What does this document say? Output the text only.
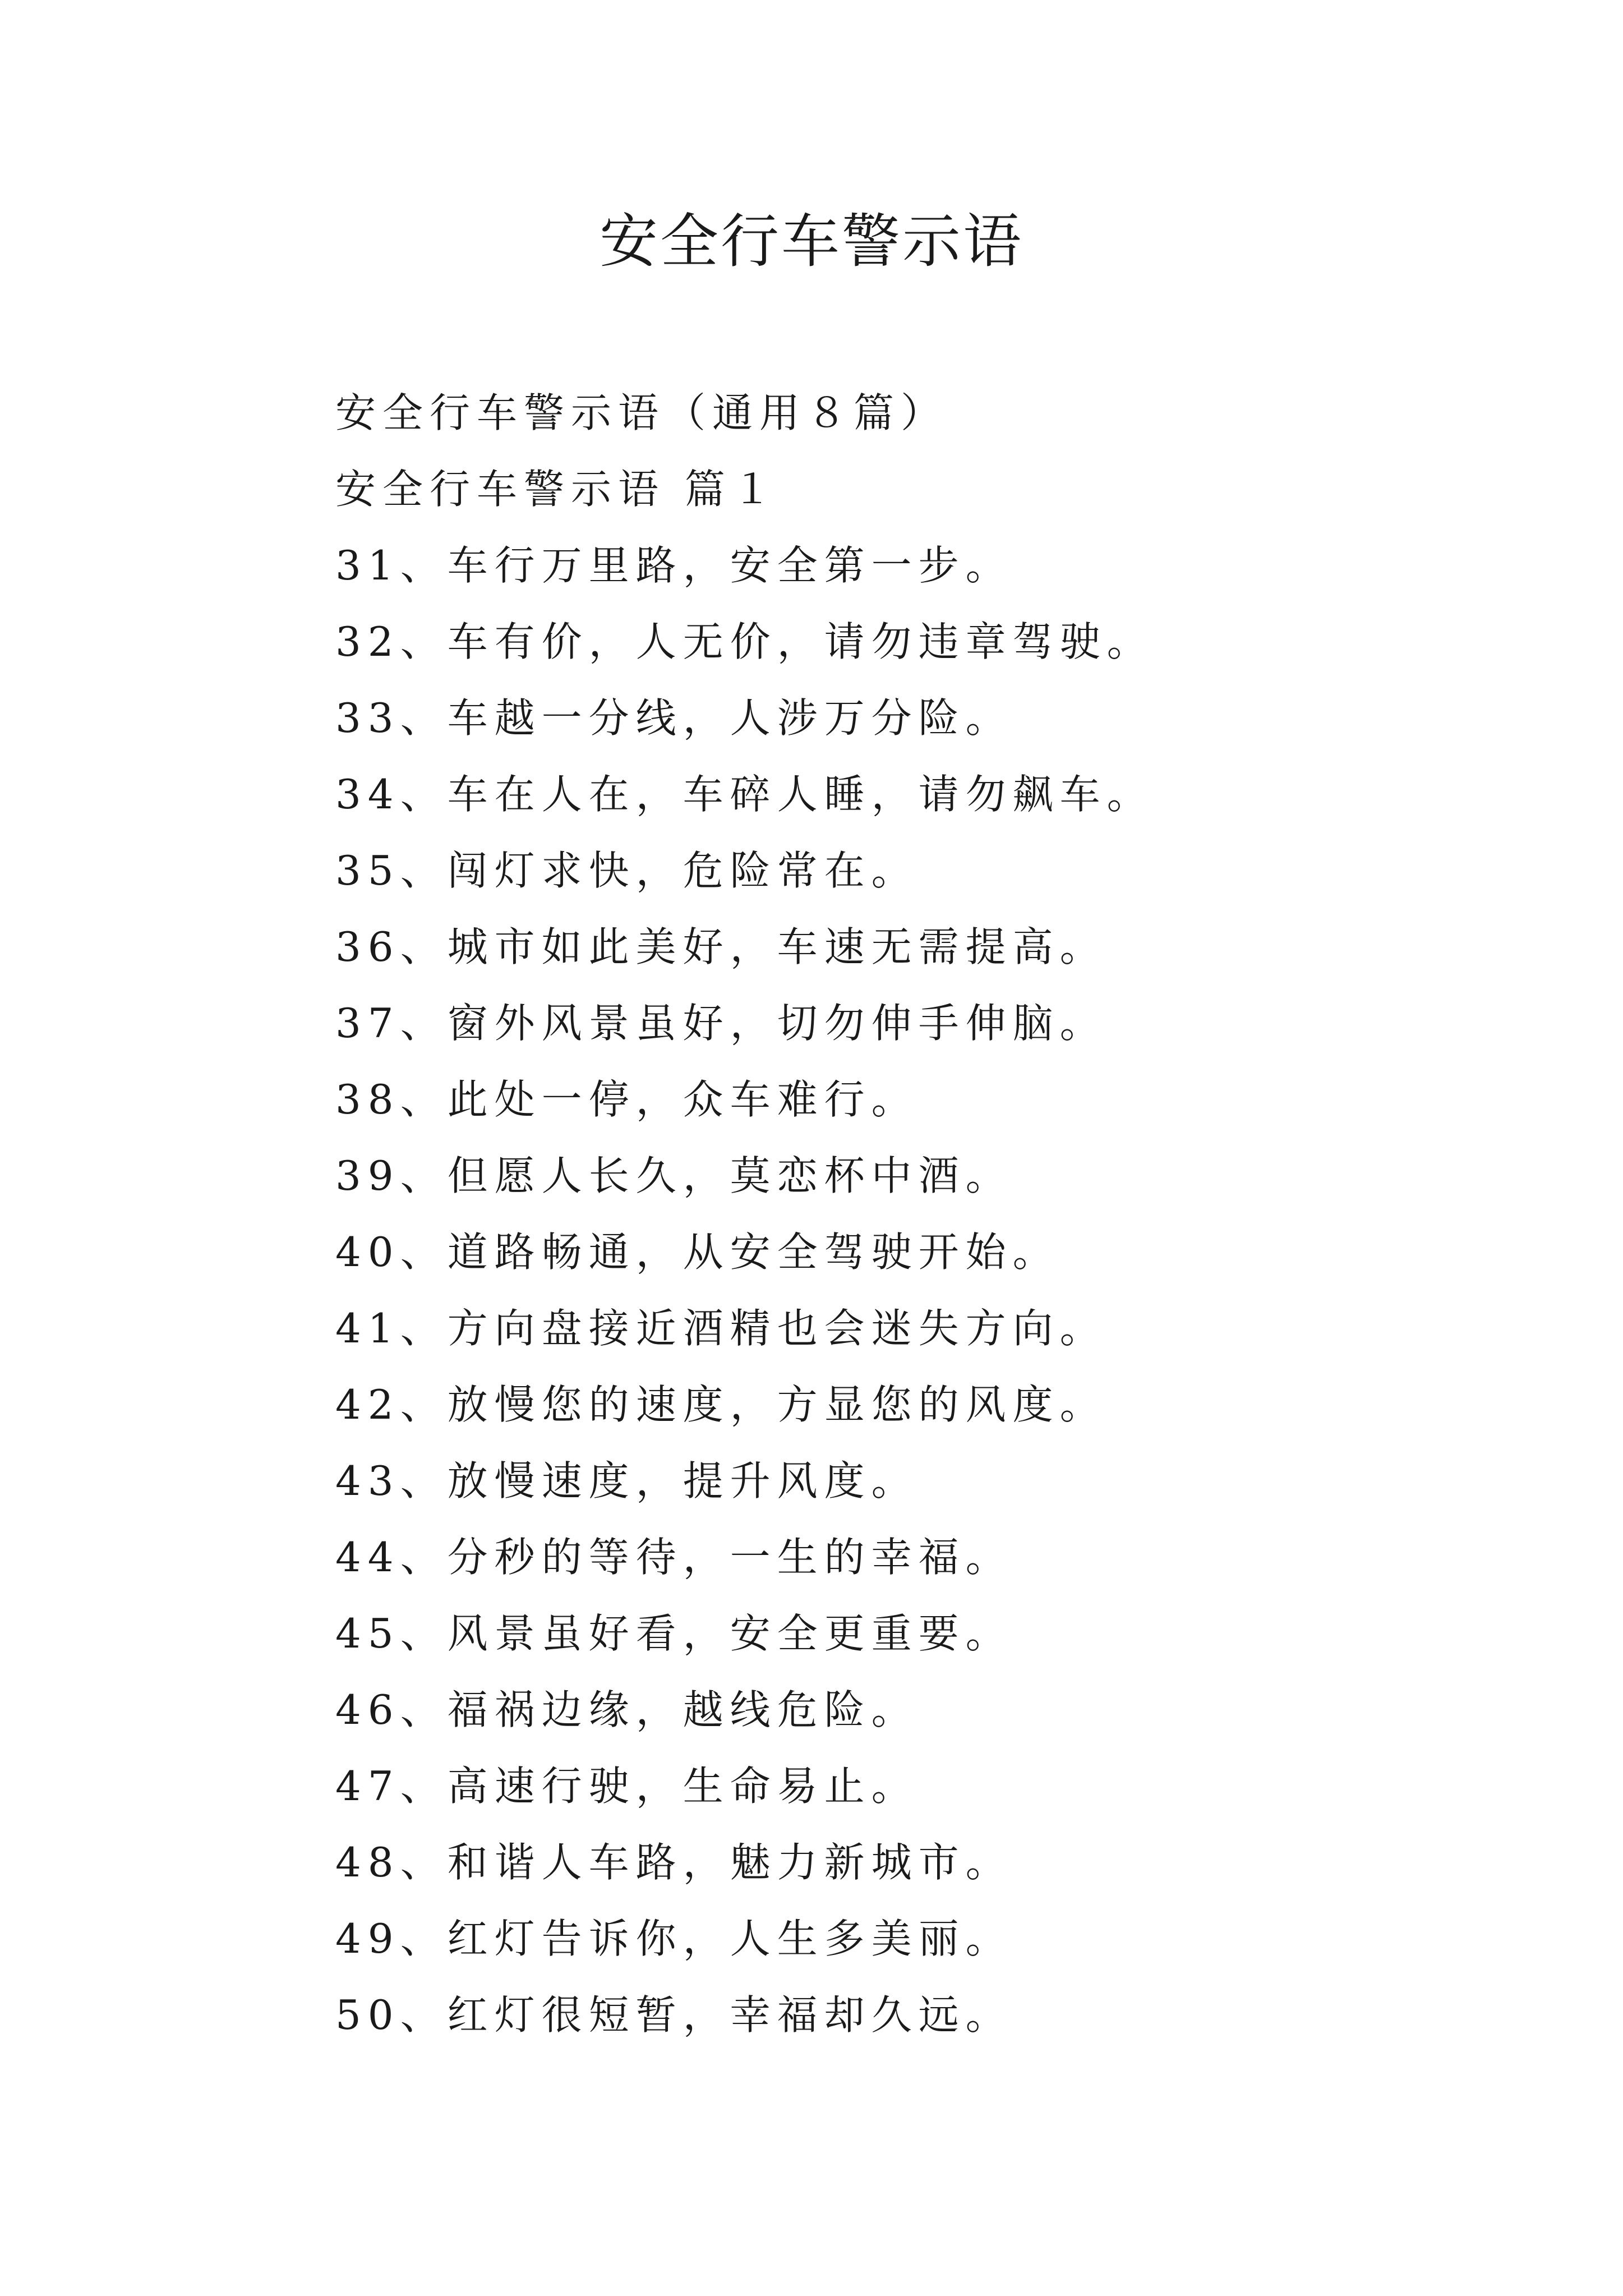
安全行车警示语
安全行车警示语（通用８篇）
安全行车警示语 篇１
31、车行万里路，安全第一步。
32、车有价，人无价，请勿违章驾驶。
33、车越一分线，人涉万分险。
34、车在人在，车碎人睡，请勿飙车。
35、闯灯求快，危险常在。
36、城市如此美好，车速无需提高。
37、窗外风景虽好，切勿伸手伸脑。
38、此处一停，众车难行。
39、但愿人长久，莫恋杯中酒。
40、道路畅通，从安全驾驶开始。
41、方向盘接近酒精也会迷失方向。
42、放慢您的速度，方显您的风度。
43、放慢速度，提升风度。
44、分秒的等待，一生的幸福。
45、风景虽好看，安全更重要。
46、福祸边缘，越线危险。
47、高速行驶，生命易止。
48、和谐人车路，魅力新城市。
49、红灯告诉你，人生多美丽。
50、红灯很短暂，幸福却久远。
